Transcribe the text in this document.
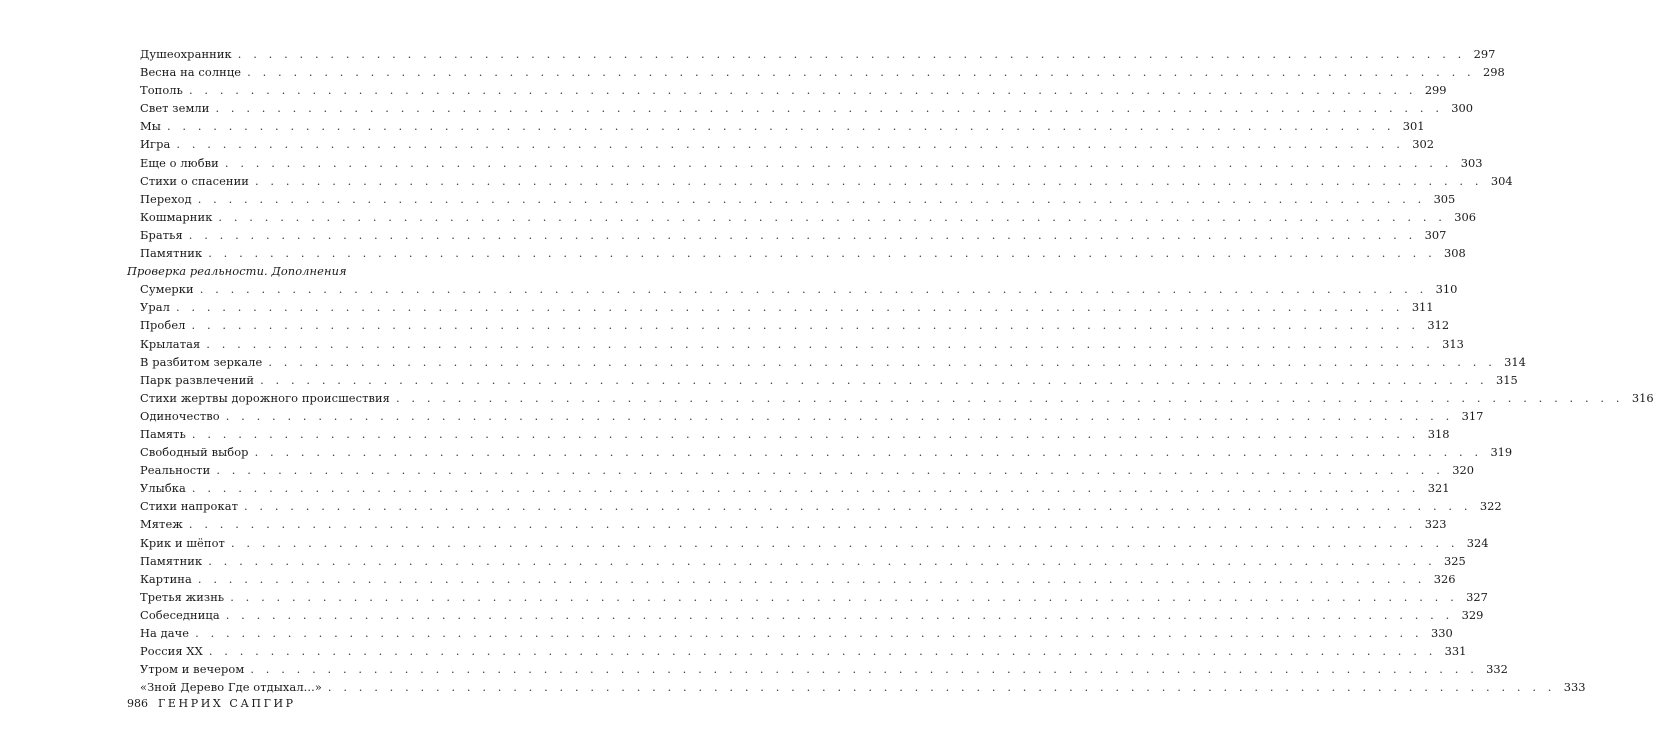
Душеохранник . . . . . . . . . . . . . . . . . . . . . . . . . . . . . . . . . . . . . . . . . . . . . . . . . . . . . . . . . . . . . . . . . . . . . . . . . . . . . . . . 297
Весна на солнце . . . . . . . . . . . . . . . . . . . . . . . . . . . . . . . . . . . . . . . . . . . . . . . . . . . . . . . . . . . . . . . . . . . . . . . . . . . . . . . . 298
Тополь . . . . . . . . . . . . . . . . . . . . . . . . . . . . . . . . . . . . . . . . . . . . . . . . . . . . . . . . . . . . . . . . . . . . . . . . . . . . . . . . 299
Свет земли . . . . . . . . . . . . . . . . . . . . . . . . . . . . . . . . . . . . . . . . . . . . . . . . . . . . . . . . . . . . . . . . . . . . . . . . . . . . . . . . 300
Мы . . . . . . . . . . . . . . . . . . . . . . . . . . . . . . . . . . . . . . . . . . . . . . . . . . . . . . . . . . . . . . . . . . . . . . . . . . . . . . . . 301
Игра . . . . . . . . . . . . . . . . . . . . . . . . . . . . . . . . . . . . . . . . . . . . . . . . . . . . . . . . . . . . . . . . . . . . . . . . . . . . . . . . 302
Еще о любви . . . . . . . . . . . . . . . . . . . . . . . . . . . . . . . . . . . . . . . . . . . . . . . . . . . . . . . . . . . . . . . . . . . . . . . . . . . . . . . . 303
Стихи о спасении . . . . . . . . . . . . . . . . . . . . . . . . . . . . . . . . . . . . . . . . . . . . . . . . . . . . . . . . . . . . . . . . . . . . . . . . . . . . . . . . 304
Переход . . . . . . . . . . . . . . . . . . . . . . . . . . . . . . . . . . . . . . . . . . . . . . . . . . . . . . . . . . . . . . . . . . . . . . . . . . . . . . . . 305
Кошмарник . . . . . . . . . . . . . . . . . . . . . . . . . . . . . . . . . . . . . . . . . . . . . . . . . . . . . . . . . . . . . . . . . . . . . . . . . . . . . . . . 306
Братья . . . . . . . . . . . . . . . . . . . . . . . . . . . . . . . . . . . . . . . . . . . . . . . . . . . . . . . . . . . . . . . . . . . . . . . . . . . . . . . . 307
Памятник . . . . . . . . . . . . . . . . . . . . . . . . . . . . . . . . . . . . . . . . . . . . . . . . . . . . . . . . . . . . . . . . . . . . . . . . . . . . . . . . 308
Проверка реальности. Дополнения
Сумерки . . . . . . . . . . . . . . . . . . . . . . . . . . . . . . . . . . . . . . . . . . . . . . . . . . . . . . . . . . . . . . . . . . . . . . . . . . . . . . . . 310
Урал . . . . . . . . . . . . . . . . . . . . . . . . . . . . . . . . . . . . . . . . . . . . . . . . . . . . . . . . . . . . . . . . . . . . . . . . . . . . . . . . 311
Пробел . . . . . . . . . . . . . . . . . . . . . . . . . . . . . . . . . . . . . . . . . . . . . . . . . . . . . . . . . . . . . . . . . . . . . . . . . . . . . . . . 312
Крылатая . . . . . . . . . . . . . . . . . . . . . . . . . . . . . . . . . . . . . . . . . . . . . . . . . . . . . . . . . . . . . . . . . . . . . . . . . . . . . . . . 313
В разбитом зеркале . . . . . . . . . . . . . . . . . . . . . . . . . . . . . . . . . . . . . . . . . . . . . . . . . . . . . . . . . . . . . . . . . . . . . . . . . . . . . . . . 314
Парк развлечений . . . . . . . . . . . . . . . . . . . . . . . . . . . . . . . . . . . . . . . . . . . . . . . . . . . . . . . . . . . . . . . . . . . . . . . . . . . . . . . . 315
Стихи жертвы дорожного происшествия . . . . . . . . . . . . . . . . . . . . . . . . . . . . . . . . . . . . . . . . . . . . . . . . . . . . . . . . . . . . . . . . . . . . . . . . . . . . . . . . 316
Одиночество . . . . . . . . . . . . . . . . . . . . . . . . . . . . . . . . . . . . . . . . . . . . . . . . . . . . . . . . . . . . . . . . . . . . . . . . . . . . . . . . 317
Память . . . . . . . . . . . . . . . . . . . . . . . . . . . . . . . . . . . . . . . . . . . . . . . . . . . . . . . . . . . . . . . . . . . . . . . . . . . . . . . . 318
Свободный выбор . . . . . . . . . . . . . . . . . . . . . . . . . . . . . . . . . . . . . . . . . . . . . . . . . . . . . . . . . . . . . . . . . . . . . . . . . . . . . . . . 319
Реальности . . . . . . . . . . . . . . . . . . . . . . . . . . . . . . . . . . . . . . . . . . . . . . . . . . . . . . . . . . . . . . . . . . . . . . . . . . . . . . . . 320
Улыбка . . . . . . . . . . . . . . . . . . . . . . . . . . . . . . . . . . . . . . . . . . . . . . . . . . . . . . . . . . . . . . . . . . . . . . . . . . . . . . . . 321
Стихи напрокат . . . . . . . . . . . . . . . . . . . . . . . . . . . . . . . . . . . . . . . . . . . . . . . . . . . . . . . . . . . . . . . . . . . . . . . . . . . . . . . . 322
Мятеж . . . . . . . . . . . . . . . . . . . . . . . . . . . . . . . . . . . . . . . . . . . . . . . . . . . . . . . . . . . . . . . . . . . . . . . . . . . . . . . . 323
Крик и шёпот . . . . . . . . . . . . . . . . . . . . . . . . . . . . . . . . . . . . . . . . . . . . . . . . . . . . . . . . . . . . . . . . . . . . . . . . . . . . . . . . 324
Памятник . . . . . . . . . . . . . . . . . . . . . . . . . . . . . . . . . . . . . . . . . . . . . . . . . . . . . . . . . . . . . . . . . . . . . . . . . . . . . . . . 325
Картина . . . . . . . . . . . . . . . . . . . . . . . . . . . . . . . . . . . . . . . . . . . . . . . . . . . . . . . . . . . . . . . . . . . . . . . . . . . . . . . . 326
Третья жизнь . . . . . . . . . . . . . . . . . . . . . . . . . . . . . . . . . . . . . . . . . . . . . . . . . . . . . . . . . . . . . . . . . . . . . . . . . . . . . . . . 327
Собеседница . . . . . . . . . . . . . . . . . . . . . . . . . . . . . . . . . . . . . . . . . . . . . . . . . . . . . . . . . . . . . . . . . . . . . . . . . . . . . . . . 329
На даче . . . . . . . . . . . . . . . . . . . . . . . . . . . . . . . . . . . . . . . . . . . . . . . . . . . . . . . . . . . . . . . . . . . . . . . . . . . . . . . . 330
Россия XX . . . . . . . . . . . . . . . . . . . . . . . . . . . . . . . . . . . . . . . . . . . . . . . . . . . . . . . . . . . . . . . . . . . . . . . . . . . . . . . . 331
Утром и вечером . . . . . . . . . . . . . . . . . . . . . . . . . . . . . . . . . . . . . . . . . . . . . . . . . . . . . . . . . . . . . . . . . . . . . . . . . . . . . . . . 332
«Зной Дерево Где отдыхал...» . . . . . . . . . . . . . . . . . . . . . . . . . . . . . . . . . . . . . . . . . . . . . . . . . . . . . . . . . . . . . . . . . . . . . . . . . . . . . . . . 333
986 ГЕНРИХ САПГИР
